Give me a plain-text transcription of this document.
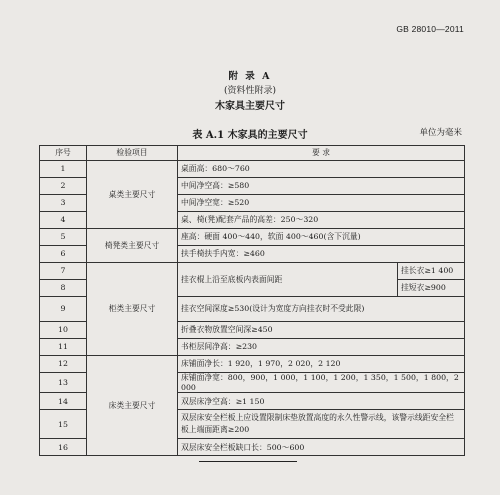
GB 28010—2011
附 录 A
(资料性附录)
木家具主要尺寸
表 A.1 木家具的主要尺寸	单位为毫米
序号	检验项目	要 求	
1	桌类主要尺寸	桌面高：680～760	
2		中间净空高：≥580	
3		中间净空宽：≥520	
4		桌、椅(凳)配套产品的高差：250～320	
5	椅凳类主要尺寸	座高：硬面 400～440，软面 400～460(含下沉量)	
6		扶手椅扶手内宽：≥460	
7	柜类主要尺寸	挂衣棍上沿至底板内表面间距	挂长衣≥1 400
8			挂短衣≥900
9		挂衣空间深度≥530(设计为宽度方向挂衣时不受此限)	
10		折叠衣物放置空间深≥450	
11		书柜层间净高：≥230	
12	床类主要尺寸	床铺面净长：1 920，1 970，2 020，2 120	
13		床铺面净宽：800，900，1 000，1 100，1 200，1 350，1 500，1 800，2 000	
14		双层床净空高：≥1 150	
15		双层床安全栏板上应设置限制床垫放置高度的永久性警示线，该警示线距安全栏板上端面距离≥200	
16		双层床安全栏板缺口长：500～600	
